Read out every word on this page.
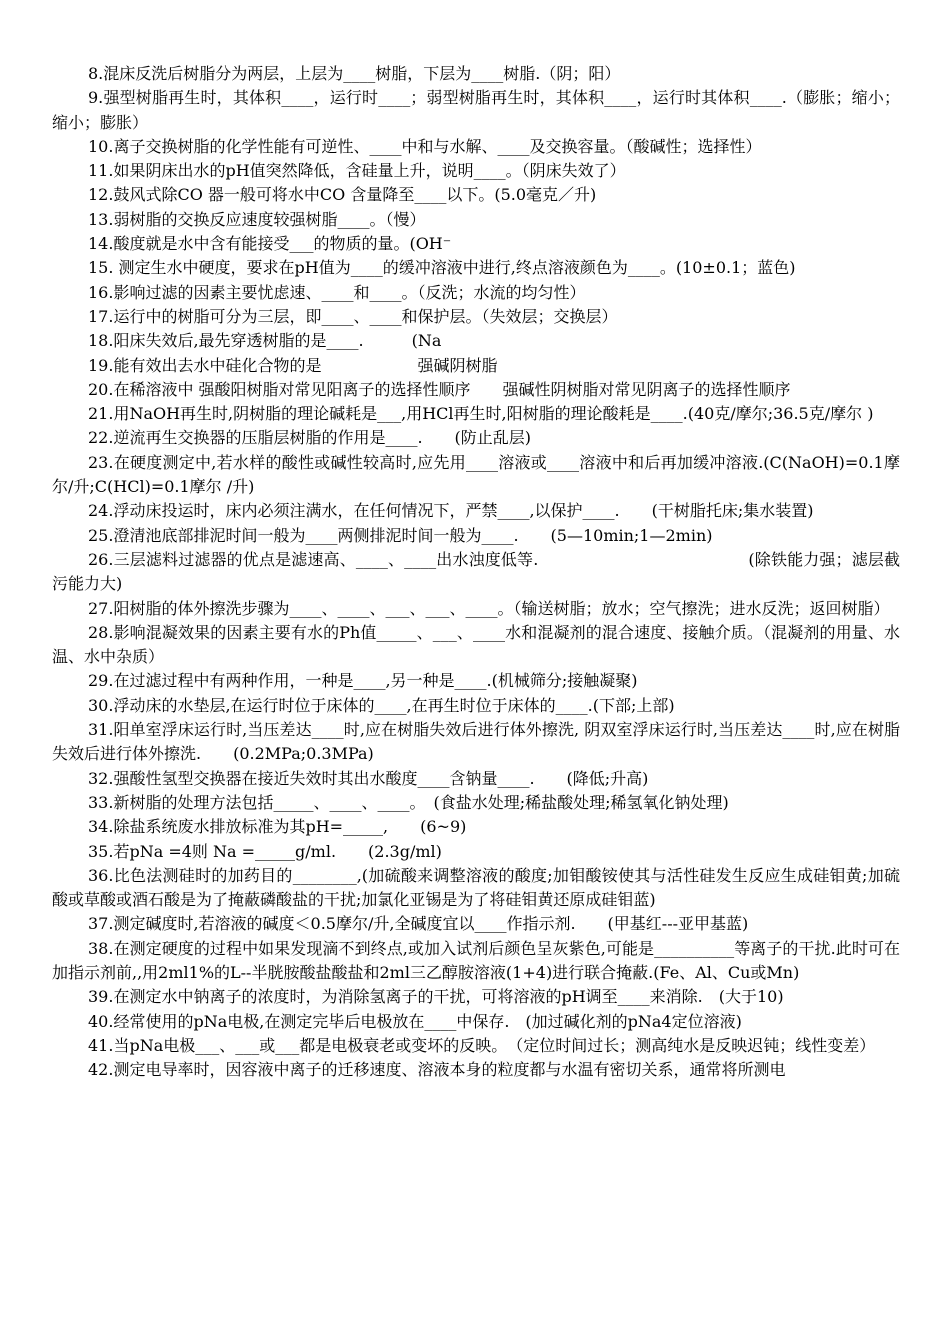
8.混床反洗后树脂分为两层，上层为____树脂，下层为____树脂.（阴；阳）

9.强型树脂再生时，其体积____，运行时____；弱型树脂再生时，其体积____，运行时其体积____.（膨胀；缩小；缩小；膨胀）

10.离子交换树脂的化学性能有可逆性、____中和与水解、____及交换容量。（酸碱性；选择性）

11.如果阴床出水的pH值突然降低，含硅量上升，说明____。（阴床失效了）

12.鼓风式除CO 器一般可将水中CO 含量降至____以下。(5.0毫克／升)

13.弱树脂的交换反应速度较强树脂____。（慢）

14.酸度就是水中含有能接受___的物质的量。(OH⁻

15. 测定生水中硬度，要求在pH值为____的缓冲溶液中进行,终点溶液颜色为____。(10±0.1；蓝色)

16.影响过滤的因素主要忧虑速、____和____。（反洗；水流的均匀性）

17.运行中的树脂可分为三层，即____、____和保护层。（失效层；交换层）

18.阳床失效后,最先穿透树脂的是____.　　　(Na

19.能有效出去水中硅化合物的是　　　　　　强碱阴树脂

20.在稀溶液中 强酸阳树脂对常见阳离子的选择性顺序　　强碱性阴树脂对常见阴离子的选择性顺序

21.用NaOH再生时,阴树脂的理论碱耗是___,用HCl再生时,阳树脂的理论酸耗是____.(40克/摩尔;36.5克/摩尔 )

22.逆流再生交换器的压脂层树脂的作用是____.　　(防止乱层)

23.在硬度测定中,若水样的酸性或碱性较高时,应先用____溶液或____溶液中和后再加缓冲溶液.(C(NaOH)=0.1摩尔/升;C(HCl)=0.1摩尔 /升)

24.浮动床投运时，床内必须注满水，在任何情况下，严禁____,以保护____.　　(干树脂托床;集水装置)

25.澄清池底部排泥时间一般为____两侧排泥时间一般为____.　　(5—10min;1—2min)

26.三层滤料过滤器的优点是滤速高、____、____出水浊度低等.　　　　　　　　　　　　　(除铁能力强；滤层截污能力大)

27.阳树脂的体外擦洗步骤为____、____、___、___、____。（输送树脂；放水；空气擦洗；进水反洗；返回树脂）

28.影响混凝效果的因素主要有水的Ph值_____、___、____水和混凝剂的混合速度、接触介质。（混凝剂的用量、水温、水中杂质）

29.在过滤过程中有两种作用，一种是____,另一种是____.(机械筛分;接触凝聚)

30.浮动床的水垫层,在运行时位于床体的____,在再生时位于床体的____.(下部;上部)

31.阳单室浮床运行时,当压差达____时,应在树脂失效后进行体外擦洗, 阴双室浮床运行时,当压差达____时,应在树脂失效后进行体外擦洗.　　(0.2MPa;0.3MPa)

32.强酸性氢型交换器在接近失效时其出水酸度____含钠量____.　　(降低;升高)

33.新树脂的处理方法包括_____、____、____。　(食盐水处理;稀盐酸处理;稀氢氧化钠处理)

34.除盐系统废水排放标准为其pH=_____,　　(6~9)

35.若pNa =4则 Na =_____g/ml.　　(2.3g/ml)

36.比色法测硅时的加药目的________,(加硫酸来调整溶液的酸度;加钼酸铵使其与活性硅发生反应生成硅钼黄;加硫酸或草酸或酒石酸是为了掩蔽磷酸盐的干扰;加氯化亚锡是为了将硅钼黄还原成硅钼蓝)

37.测定碱度时,若溶液的碱度＜0.5摩尔/升,全碱度宜以____作指示剂.　　(甲基红---亚甲基蓝)

38.在测定硬度的过程中如果发现滴不到终点,或加入试剂后颜色呈灰紫色,可能是__________等离子的干扰.此时可在加指示剂前,,用2ml1%的L--半胱胺酸盐酸盐和2ml三乙醇胺溶液(1+4)进行联合掩蔽.(Fe、Al、Cu或Mn)

39.在测定水中钠离子的浓度时，为消除氢离子的干扰，可将溶液的pH调至____来消除.　(大于10)

40.经常使用的pNa电极,在测定完毕后电极放在____中保存.　(加过碱化剂的pNa4定位溶液)

41.当pNa电极___、___或___都是电极衰老或变坏的反映。　（定位时间过长；测高纯水是反映迟钝；线性变差）

42.测定电导率时，因容液中离子的迁移速度、溶液本身的粒度都与水温有密切关系，通常将所测电
